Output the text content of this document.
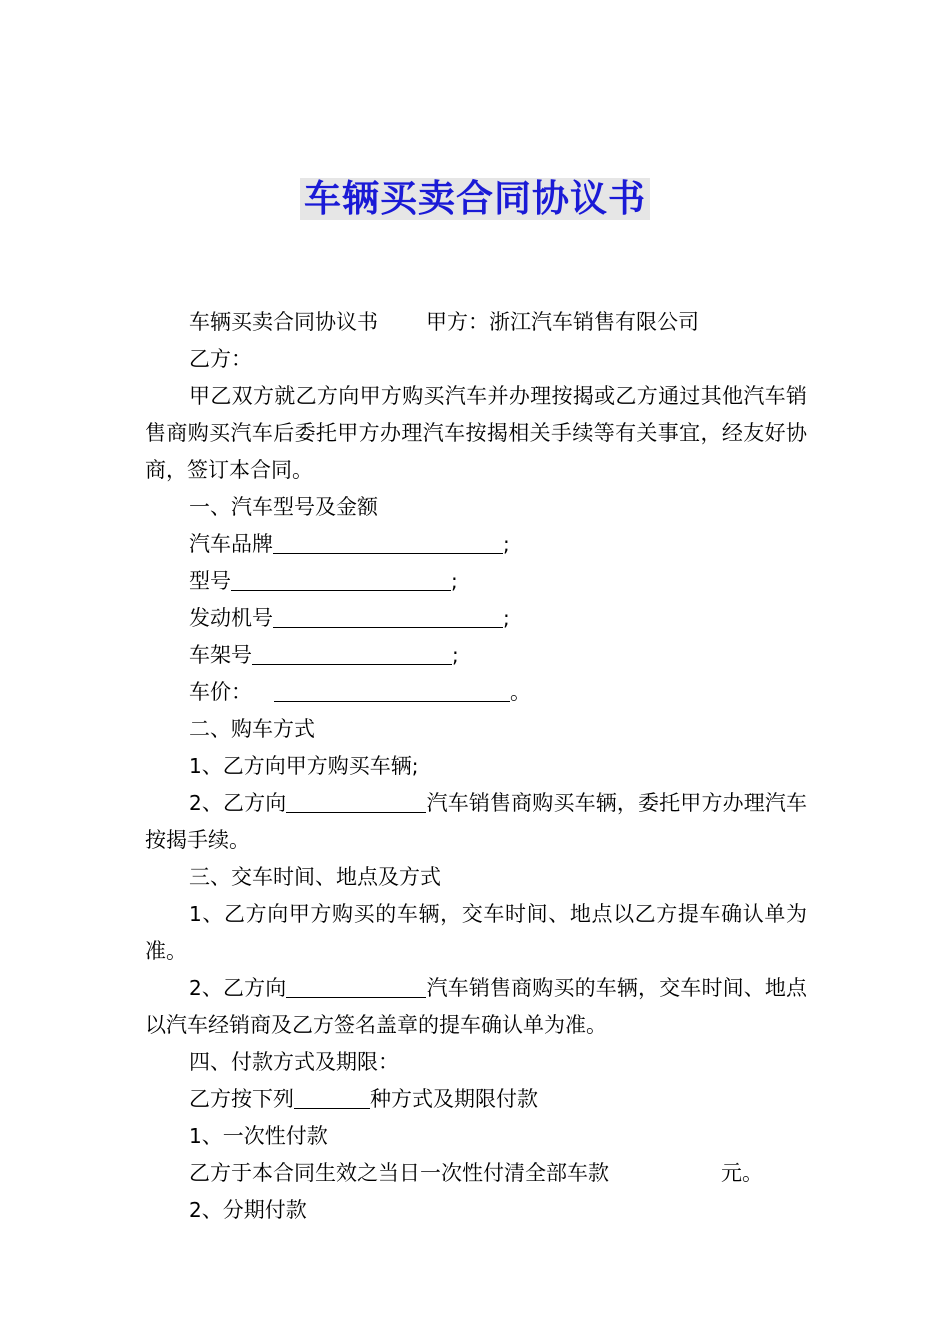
车辆买卖合同协议书

车辆买卖合同协议书 甲方：浙江汽车销售有限公司

乙方：

甲乙双方就乙方向甲方购买汽车并办理按揭或乙方通过其他汽车销售商购买汽车后委托甲方办理汽车按揭相关手续等有关事宜，经友好协商，签订本合同。

一、汽车型号及金额

汽车品牌	;

型号	;

发动机号	;

车架号	;

车价：	。

二、购车方式

1、乙方向甲方购买车辆;

2、乙方向	汽车销售商购买车辆，委托甲方办理汽车按揭手续。

三、交车时间、地点及方式

1、乙方向甲方购买的车辆，交车时间、地点以乙方提车确认单为准。

2、乙方向	汽车销售商购买的车辆，交车时间、地点以汽车经销商及乙方签名盖章的提车确认单为准。

四、付款方式及期限：

乙方按下列	种方式及期限付款

1、一次性付款

乙方于本合同生效之当日一次性付清全部车款	元。

2、分期付款
